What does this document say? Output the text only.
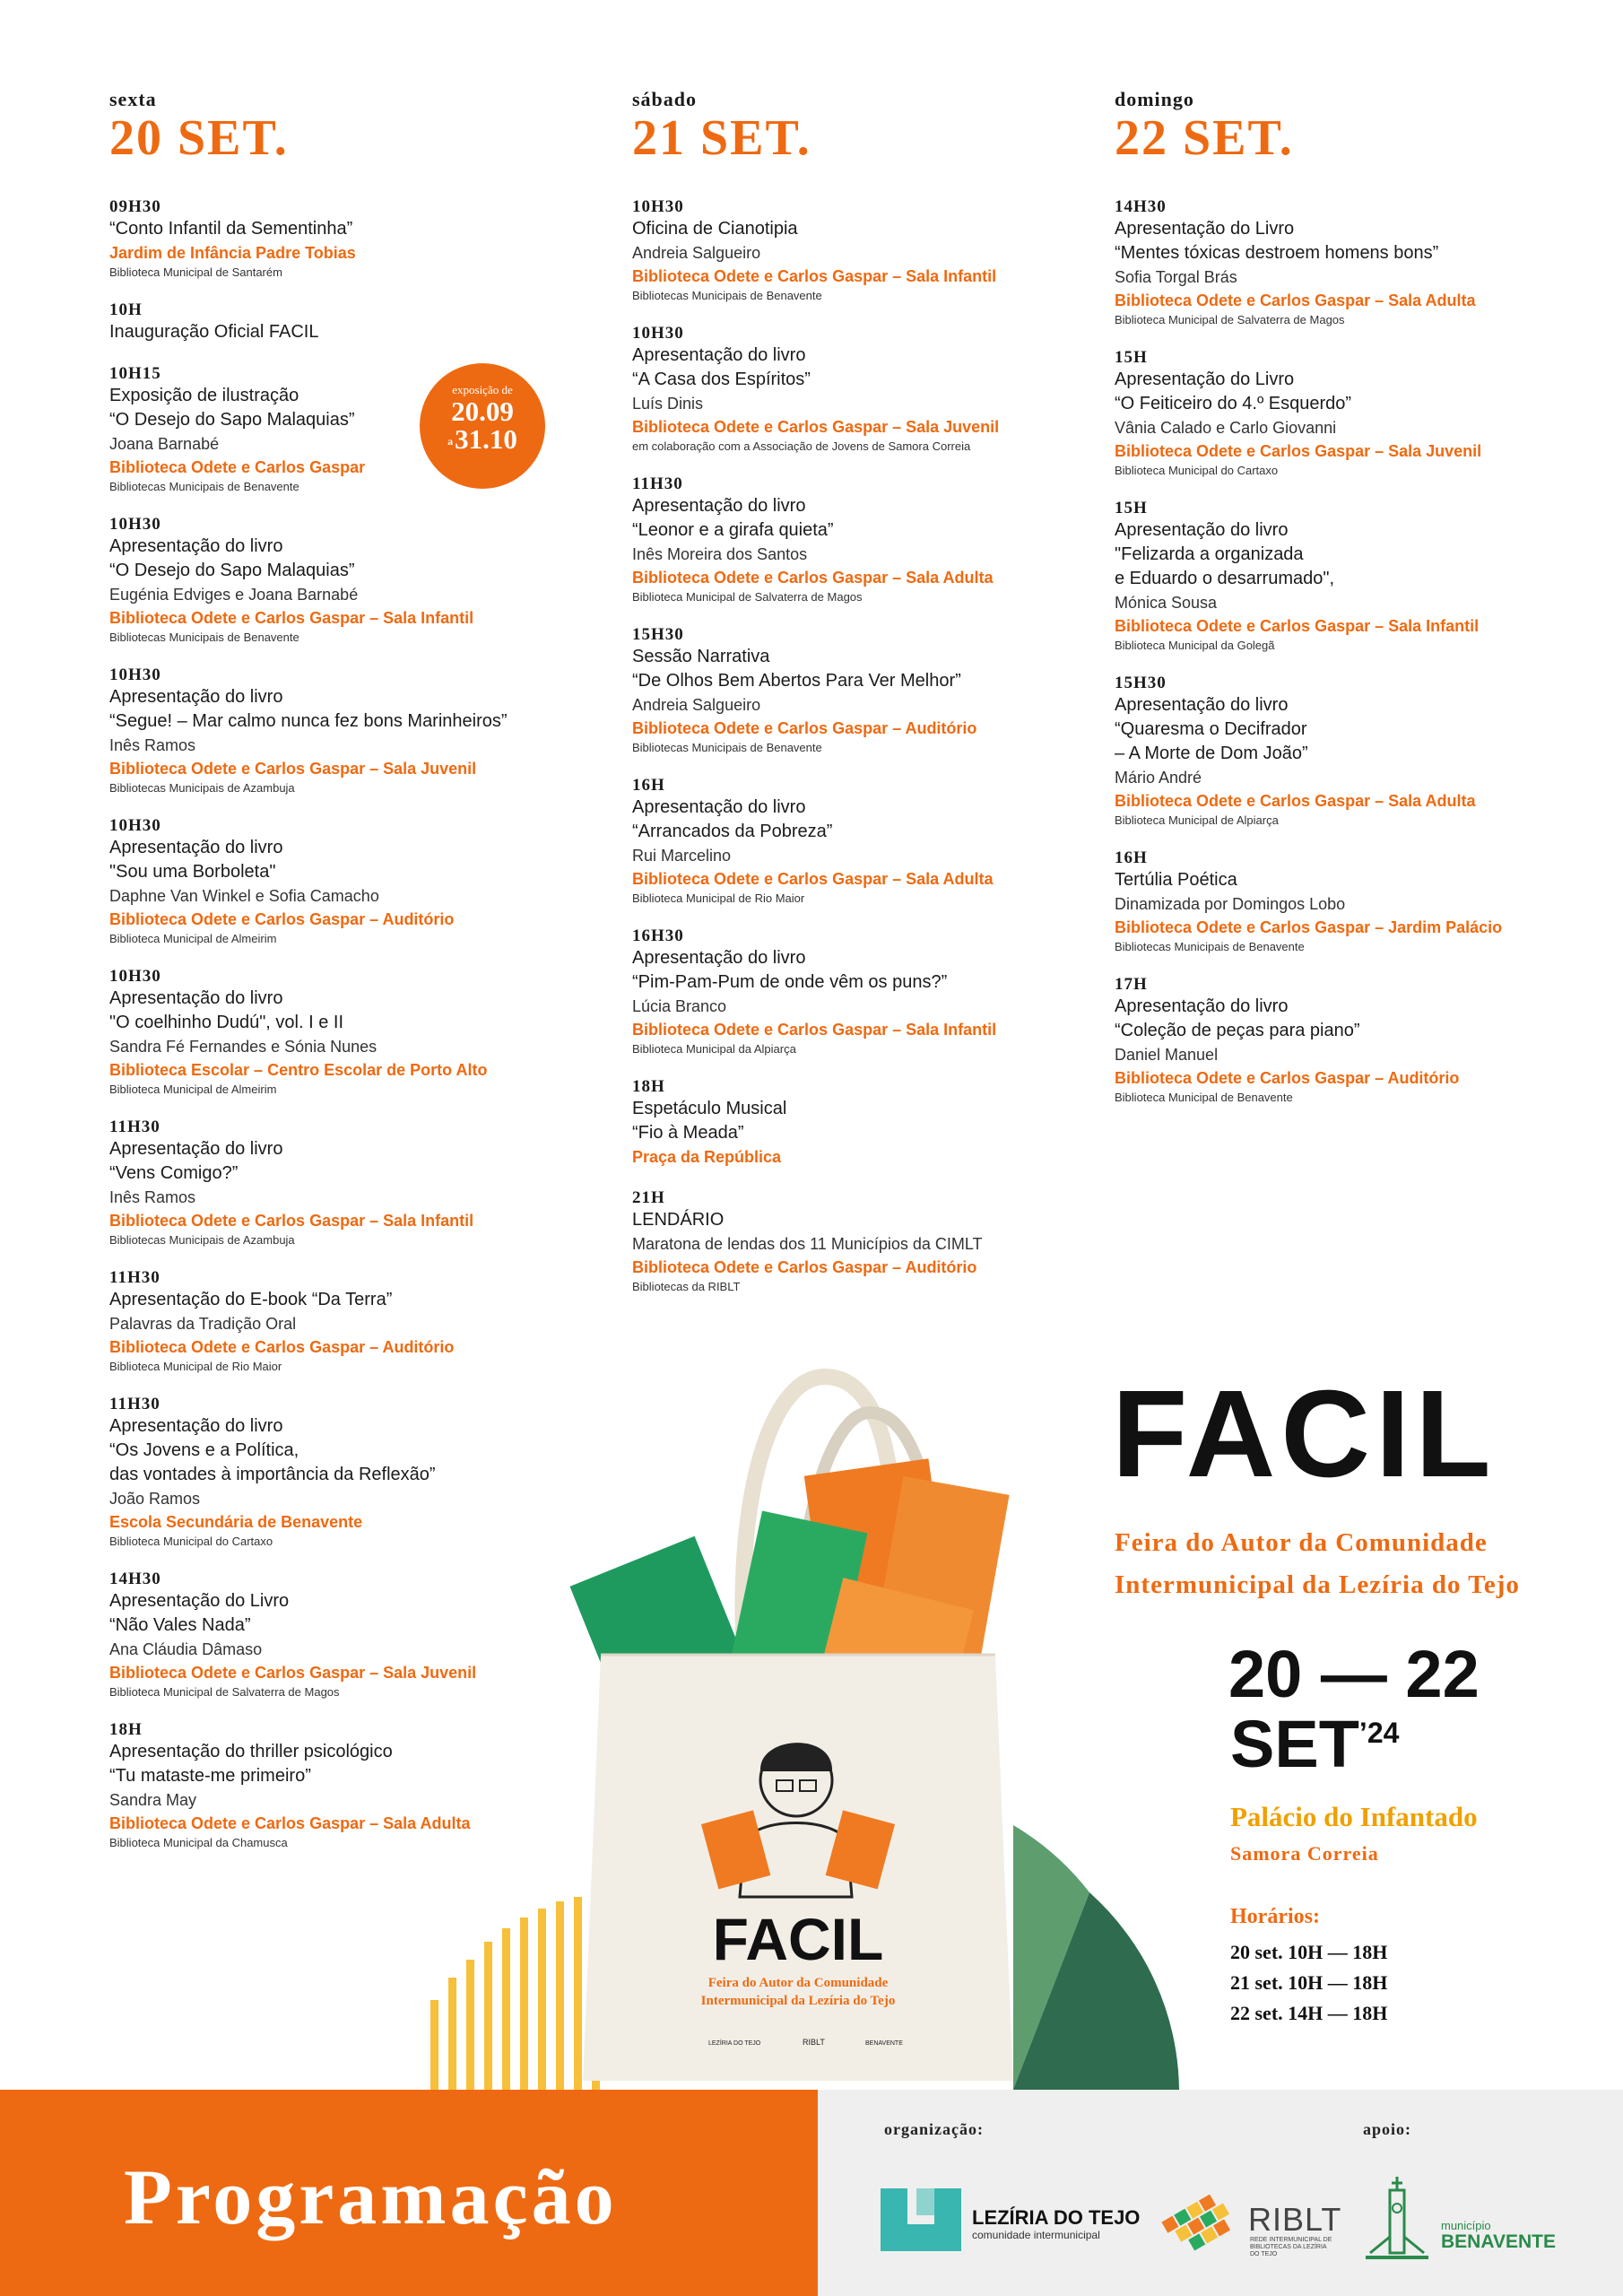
sexta
20 SET.
09H30
“Conto Infantil da Sementinha”
Jardim de Infância Padre Tobias
Biblioteca Municipal de Santarém
10H
Inauguração Oficial FACIL
10H15
Exposição de ilustração
“O Desejo do Sapo Malaquias”
Joana Barnabé
Biblioteca Odete e Carlos Gaspar
Bibliotecas Municipais de Benavente
10H30
Apresentação do livro
“O Desejo do Sapo Malaquias”
Eugénia Edviges e Joana Barnabé
Biblioteca Odete e Carlos Gaspar – Sala Infantil
Bibliotecas Municipais de Benavente
10H30
Apresentação do livro
“Segue! – Mar calmo nunca fez bons Marinheiros”
Inês Ramos
Biblioteca Odete e Carlos Gaspar – Sala Juvenil
Bibliotecas Municipais de Azambuja
10H30
Apresentação do livro
"Sou uma Borboleta"
Daphne Van Winkel e Sofia Camacho
Biblioteca Odete e Carlos Gaspar – Auditório
Biblioteca Municipal de Almeirim
10H30
Apresentação do livro
"O coelhinho Dudú", vol. I e II
Sandra Fé Fernandes e Sónia Nunes
Biblioteca Escolar – Centro Escolar de Porto Alto
Biblioteca Municipal de Almeirim
11H30
Apresentação do livro
“Vens Comigo?”
Inês Ramos
Biblioteca Odete e Carlos Gaspar – Sala Infantil
Bibliotecas Municipais de Azambuja
11H30
Apresentação do E-book “Da Terra”
Palavras da Tradição Oral
Biblioteca Odete e Carlos Gaspar – Auditório
Biblioteca Municipal de Rio Maior
11H30
Apresentação do livro
“Os Jovens e a Política,
das vontades à importância da Reflexão”
João Ramos
Escola Secundária de Benavente
Biblioteca Municipal do Cartaxo
14H30
Apresentação do Livro
“Não Vales Nada”
Ana Cláudia Dâmaso
Biblioteca Odete e Carlos Gaspar – Sala Juvenil
Biblioteca Municipal de Salvaterra de Magos
18H
Apresentação do thriller psicológico
“Tu mataste-me primeiro”
Sandra May
Biblioteca Odete e Carlos Gaspar – Sala Adulta
Biblioteca Municipal da Chamusca
sábado
21 SET.
10H30
Oficina de Cianotipia
Andreia Salgueiro
Biblioteca Odete e Carlos Gaspar – Sala Infantil
Bibliotecas Municipais de Benavente
10H30
Apresentação do livro
“A Casa dos Espíritos”
Luís Dinis
Biblioteca Odete e Carlos Gaspar – Sala Juvenil
em colaboração com a Associação de Jovens de Samora Correia
11H30
Apresentação do livro
“Leonor e a girafa quieta”
Inês Moreira dos Santos
Biblioteca Odete e Carlos Gaspar – Sala Adulta
Biblioteca Municipal de Salvaterra de Magos
15H30
Sessão Narrativa
“De Olhos Bem Abertos Para Ver Melhor”
Andreia Salgueiro
Biblioteca Odete e Carlos Gaspar – Auditório
Bibliotecas Municipais de Benavente
16H
Apresentação do livro
“Arrancados da Pobreza”
Rui Marcelino
Biblioteca Odete e Carlos Gaspar – Sala Adulta
Biblioteca Municipal de Rio Maior
16H30
Apresentação do livro
“Pim-Pam-Pum de onde vêm os puns?”
Lúcia Branco
Biblioteca Odete e Carlos Gaspar – Sala Infantil
Biblioteca Municipal da Alpiarça
18H
Espetáculo Musical
“Fio à Meada”
Praça da República
21H
LENDÁRIO
Maratona de lendas dos 11 Municípios da CIMLT
Biblioteca Odete e Carlos Gaspar – Auditório
Bibliotecas da RIBLT
domingo
22 SET.
14H30
Apresentação do Livro
“Mentes tóxicas destroem homens bons”
Sofia Torgal Brás
Biblioteca Odete e Carlos Gaspar – Sala Adulta
Biblioteca Municipal de Salvaterra de Magos
15H
Apresentação do Livro
“O Feiticeiro do 4.º Esquerdo”
Vânia Calado e Carlo Giovanni
Biblioteca Odete e Carlos Gaspar – Sala Juvenil
Biblioteca Municipal do Cartaxo
15H
Apresentação do livro
"Felizarda a organizada
e Eduardo o desarrumado",
Mónica Sousa
Biblioteca Odete e Carlos Gaspar – Sala Infantil
Biblioteca Municipal da Golegã
15H30
Apresentação do livro
“Quaresma o Decifrador
– A Morte de Dom João”
Mário André
Biblioteca Odete e Carlos Gaspar – Sala Adulta
Biblioteca Municipal de Alpiarça
16H
Tertúlia Poética
Dinamizada por Domingos Lobo
Biblioteca Odete e Carlos Gaspar – Jardim Palácio
Bibliotecas Municipais de Benavente
17H
Apresentação do livro
“Coleção de peças para piano”
Daniel Manuel
Biblioteca Odete e Carlos Gaspar – Auditório
Biblioteca Municipal de Benavente
exposição de
20.09
a31.10
FACIL
Feira do Autor da Comunidade
Intermunicipal da Lezíria do Tejo
LEZÍRIA DO TEJO	RIBLT	BENAVENTE
FACIL
Feira do Autor da Comunidade
Intermunicipal da Lezíria do Tejo
20 — 22
$SET^{’24}$
Palácio do Infantado
Samora Correia
Horários:
20 set. 10H — 18H
21 set. 10H — 18H
22 set. 14H — 18H
Programação
organização:	apoio:
LEZÍRIA DO TEJO
comunidade intermunicipal	RIBLT
REDE INTERMUNICIPAL DE BIBLIOTECAS DA LEZÍRIA DO TEJO
município
BENAVENTE
